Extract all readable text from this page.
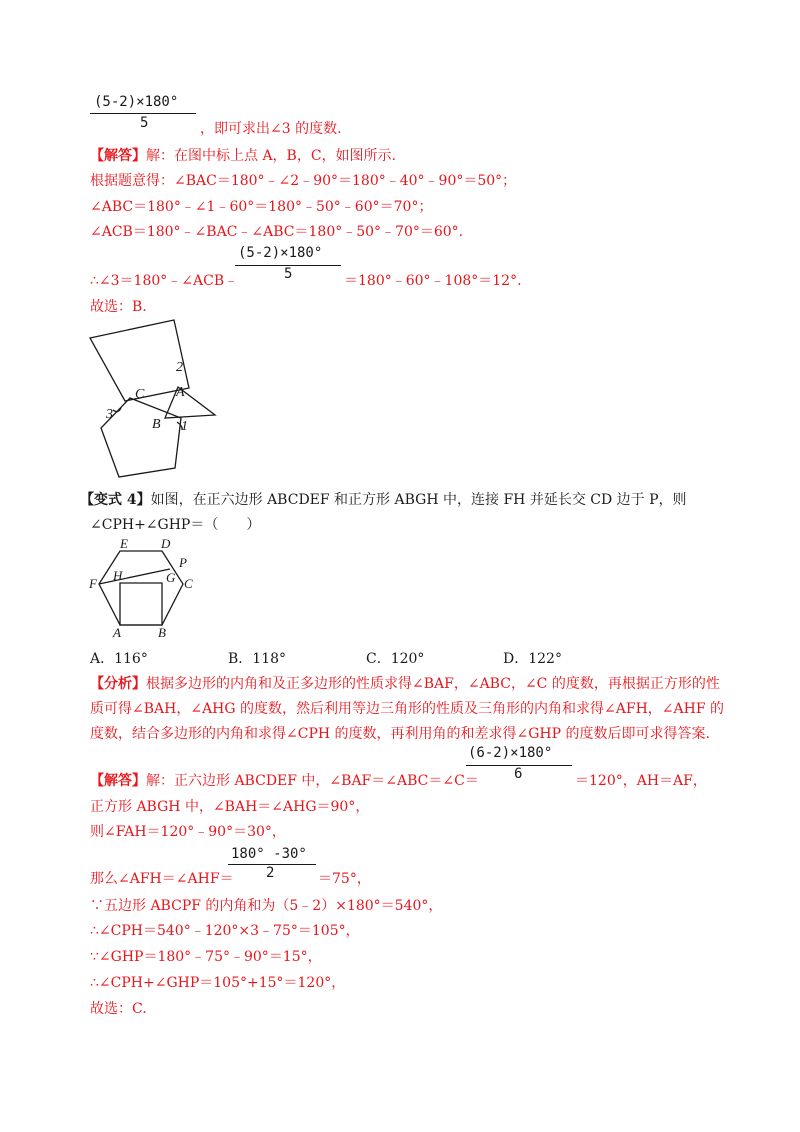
(5-2)×180°
5	，即可求出∠3 的度数.
【解答】解：在图中标上点 A，B，C，如图所示.
根据题意得：∠BAC＝180°﹣∠2﹣90°＝180°﹣40°﹣90°＝50°；
∠ABC＝180°﹣∠1﹣60°＝180°﹣50°﹣60°＝70°；
∠ACB＝180°﹣∠BAC﹣∠ABC＝180°﹣50°﹣70°＝60°.
∴∠3＝180°﹣∠ACB﹣
(5-2)×180°
5	＝180°﹣60°﹣108°＝12°.
故选：B.
2
A
C
3
B 1
【变式 4】如图，在正六边形 ABCDEF 和正方形 ABGH 中，连接 FH 并延长交 CD 边于 P，则
∠CPH+∠GHP＝（　　）
E	D
P
H	G
F	C
A	B
A．116°	B．118°	C．120°	D．122°
【分析】根据多边形的内角和及正多边形的性质求得∠BAF，∠ABC，∠C 的度数，再根据正方形的性
质可得∠BAH，∠AHG 的度数，然后利用等边三角形的性质及三角形的内角和求得∠AFH，∠AHF 的
度数，结合多边形的内角和求得∠CPH 的度数，再利用角的和差求得∠GHP 的度数后即可求得答案.
【解答】解：正六边形 ABCDEF 中，∠BAF＝∠ABC＝∠C＝
(6-2)×180°
6	＝120°，AH＝AF，
正方形 ABGH 中，∠BAH＝∠AHG＝90°，
则∠FAH＝120°﹣90°＝30°，
那么∠AFH＝∠AHF＝
180° -30°
2	＝75°，
∵五边形 ABCPF 的内角和为（5﹣2）×180°＝540°，
∴∠CPH＝540°﹣120°×3﹣75°＝105°，
∵∠GHP＝180°﹣75°﹣90°＝15°，
∴∠CPH+∠GHP＝105°+15°＝120°，
故选：C.
